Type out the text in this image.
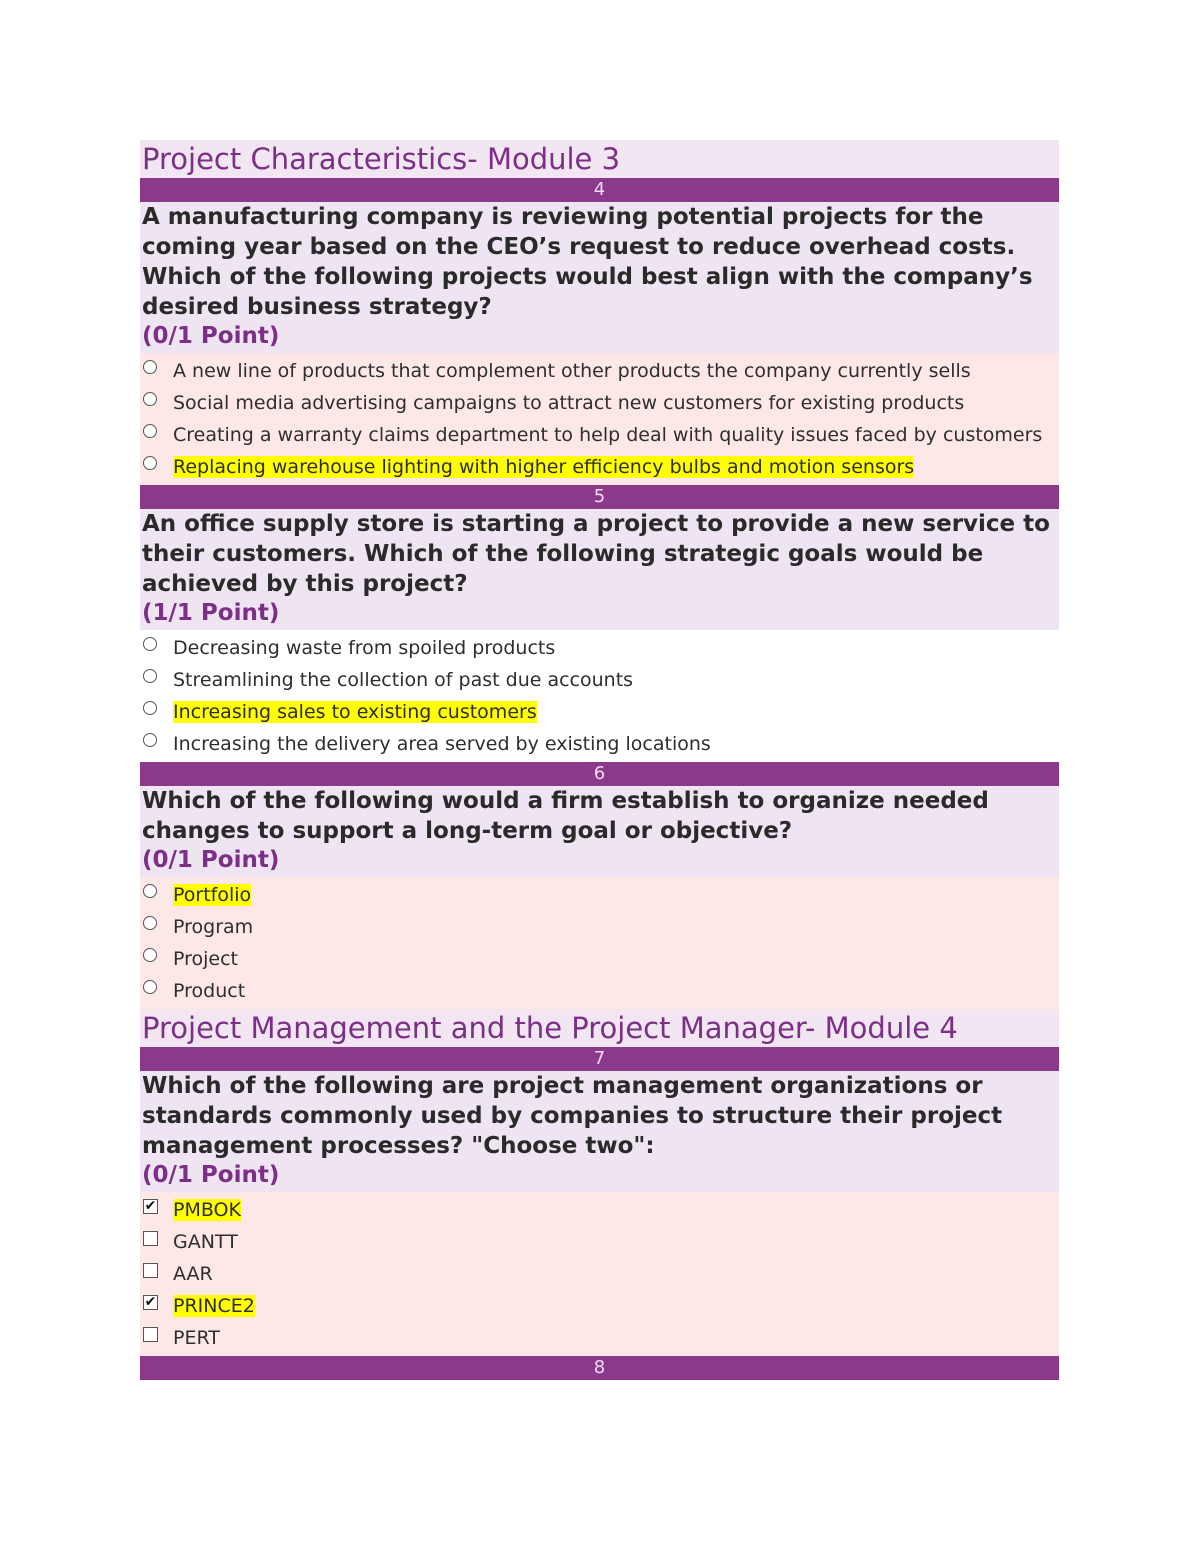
Project Characteristics- Module 3
4
A manufacturing company is reviewing potential projects for the coming year based on the CEO’s request to reduce overhead costs. Which of the following projects would best align with the company’s desired business strategy?
(0/1 Point)
A new line of products that complement other products the company currently sells
Social media advertising campaigns to attract new customers for existing products
Creating a warranty claims department to help deal with quality issues faced by customers
Replacing warehouse lighting with higher efficiency bulbs and motion sensors
5
An office supply store is starting a project to provide a new service to their customers. Which of the following strategic goals would be achieved by this project?
(1/1 Point)
Decreasing waste from spoiled products
Streamlining the collection of past due accounts
Increasing sales to existing customers
Increasing the delivery area served by existing locations
6
Which of the following would a firm establish to organize needed changes to support a long-term goal or objective?
(0/1 Point)
Portfolio
Program
Project
Product
Project Management and the Project Manager- Module 4
7
Which of the following are project management organizations or standards commonly used by companies to structure their project management processes? "Choose two":
(0/1 Point)
✔ PMBOK
GANTT
AAR
✔ PRINCE2
PERT
8
